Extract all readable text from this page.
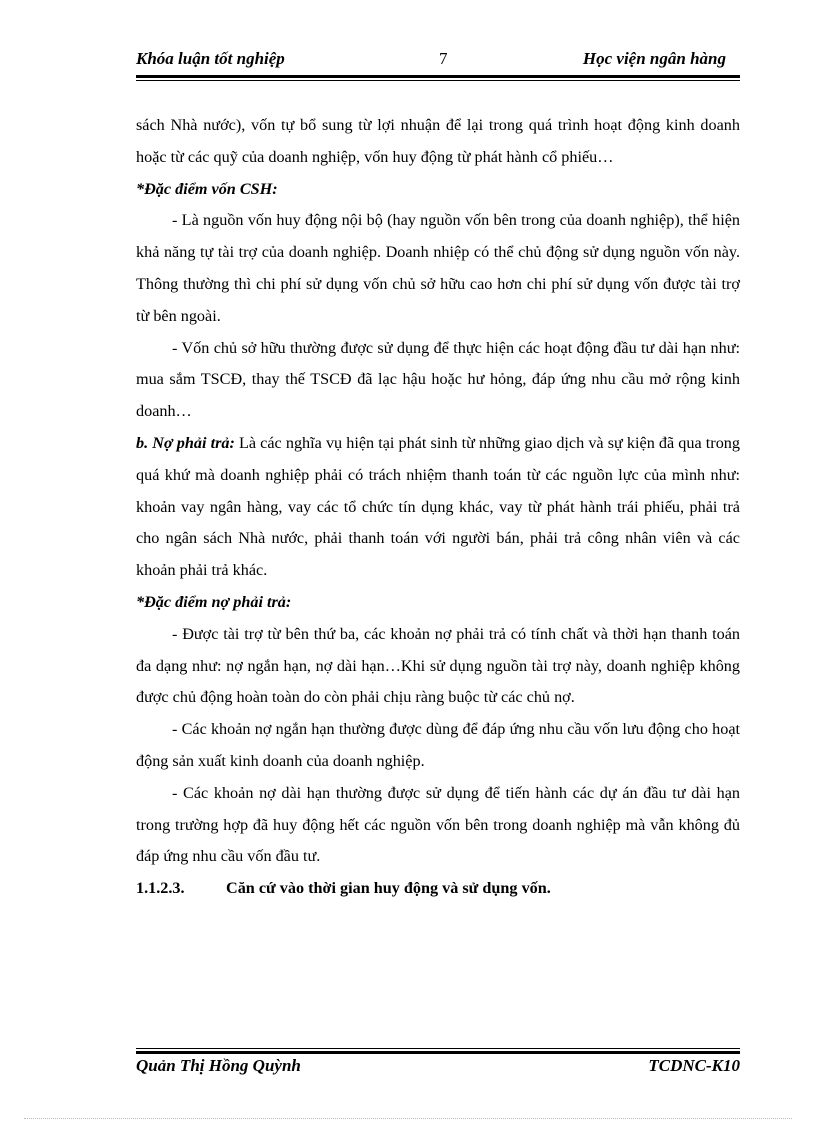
Khóa luận tốt nghiệp	7	Học viện ngân hàng

sách Nhà nước), vốn tự bổ sung từ lợi nhuận để lại trong quá trình hoạt động kinh doanh hoặc từ các quỹ của doanh nghiệp, vốn huy động từ phát hành cổ phiếu…

*Đặc điểm vốn CSH:

- Là nguồn vốn huy động nội bộ (hay nguồn vốn bên trong của doanh nghiệp), thể hiện khả năng tự tài trợ của doanh nghiệp. Doanh nhiệp có thể chủ động sử dụng nguồn vốn này. Thông thường thì chi phí sử dụng vốn chủ sở hữu cao hơn chi phí sử dụng vốn được tài trợ từ bên ngoài.

- Vốn chủ sở hữu thường được sử dụng để thực hiện các hoạt động đầu tư dài hạn như: mua sắm TSCĐ, thay thế TSCĐ đã lạc hậu hoặc hư hỏng, đáp ứng nhu cầu mở rộng kinh doanh…

b. Nợ phải trả: Là các nghĩa vụ hiện tại phát sinh từ những giao dịch và sự kiện đã qua trong quá khứ mà doanh nghiệp phải có trách nhiệm thanh toán từ các nguồn lực của mình như: khoản vay ngân hàng, vay các tổ chức tín dụng khác, vay từ phát hành trái phiếu, phải trả cho ngân sách Nhà nước, phải thanh toán với người bán, phải trả công nhân viên và các khoản phải trả khác.

*Đặc điểm nợ phải trả:

- Được tài trợ từ bên thứ ba, các khoản nợ phải trả có tính chất và thời hạn thanh toán đa dạng như: nợ ngắn hạn, nợ dài hạn…Khi sử dụng nguồn tài trợ này, doanh nghiệp không được chủ động hoàn toàn do còn phải chịu ràng buộc từ các chủ nợ.

- Các khoản nợ ngắn hạn thường được dùng để đáp ứng nhu cầu vốn lưu động cho hoạt động sản xuất kinh doanh của doanh nghiệp.

- Các khoản nợ dài hạn thường được sử dụng để tiến hành các dự án đầu tư dài hạn trong trường hợp đã huy động hết các nguồn vốn bên trong doanh nghiệp mà vẫn không đủ đáp ứng nhu cầu vốn đầu tư.

1.1.2.3.	Căn cứ vào thời gian huy động và sử dụng vốn.

Quản Thị Hồng Quỳnh	TCDNC-K10
